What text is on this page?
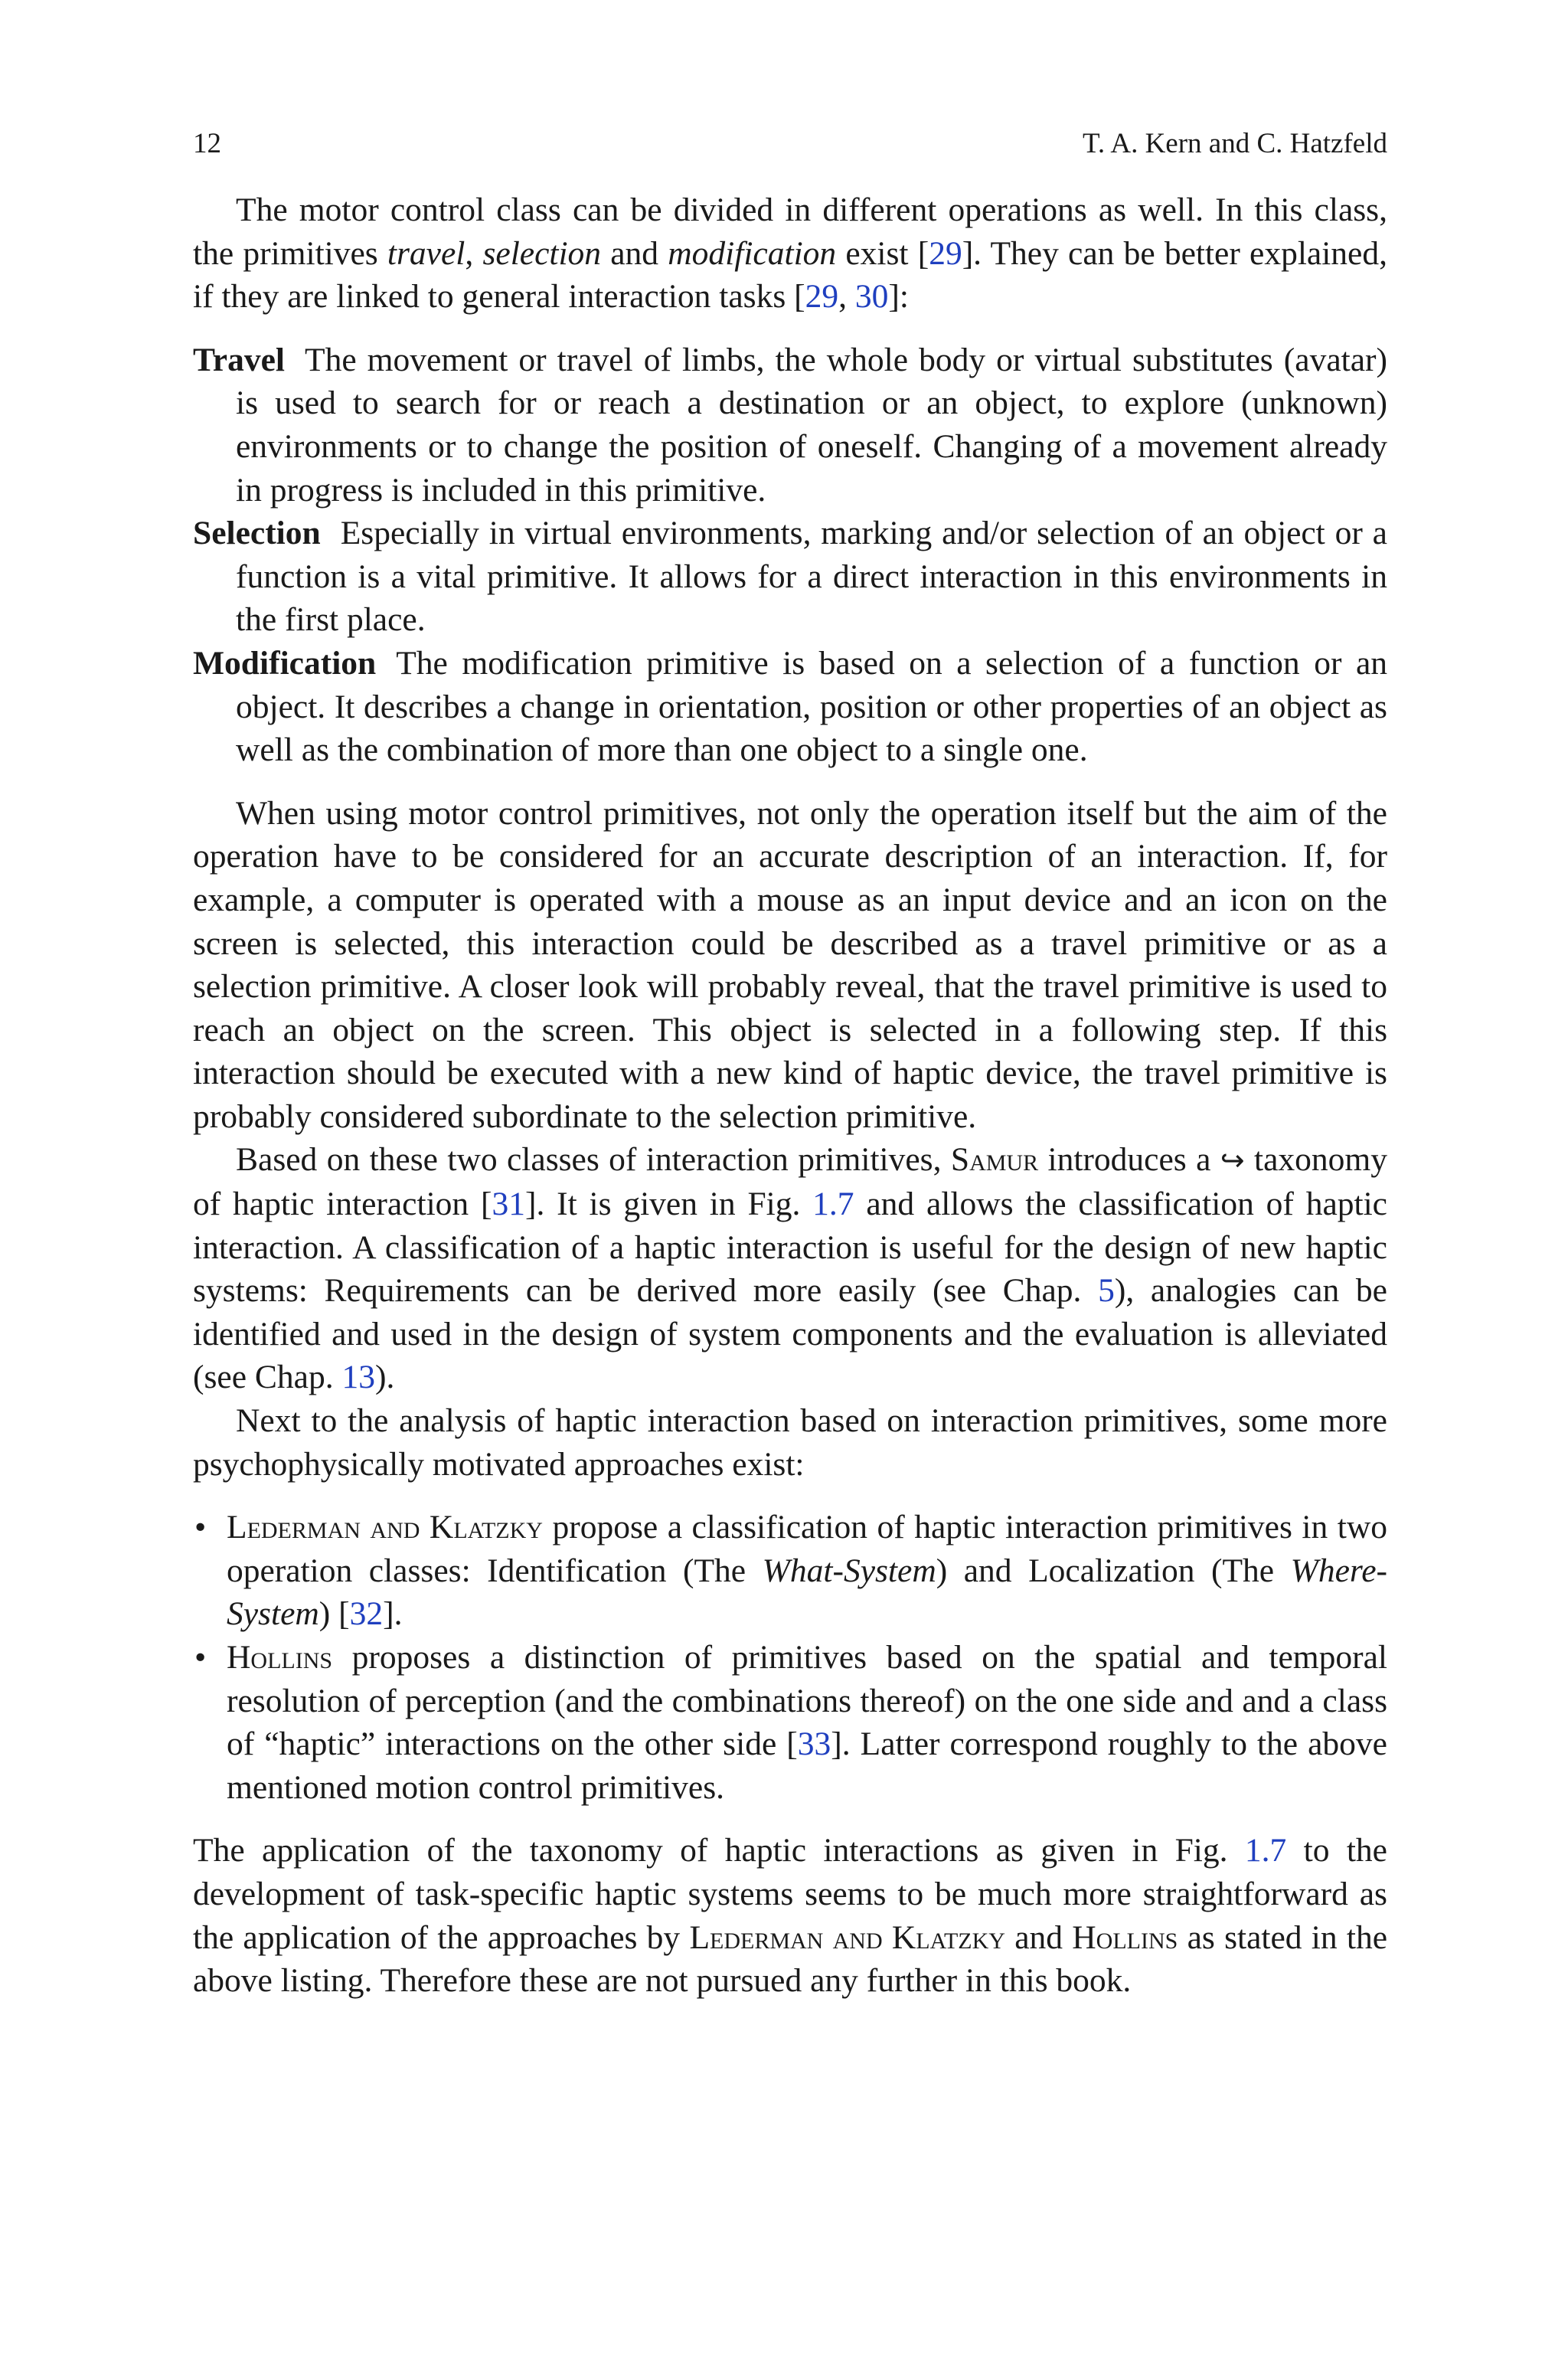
12	T. A. Kern and C. Hatzfeld

The motor control class can be divided in different operations as well. In this class, the primitives travel, selection and modification exist [29]. They can be better explained, if they are linked to general interaction tasks [29, 30]:

Travel The movement or travel of limbs, the whole body or virtual substitutes (avatar) is used to search for or reach a destination or an object, to explore (unknown) environments or to change the position of oneself. Changing of a movement already in progress is included in this primitive.

Selection Especially in virtual environments, marking and/or selection of an object or a function is a vital primitive. It allows for a direct interaction in this environments in the first place.

Modification The modification primitive is based on a selection of a function or an object. It describes a change in orientation, position or other properties of an object as well as the combination of more than one object to a single one.

When using motor control primitives, not only the operation itself but the aim of the operation have to be considered for an accurate description of an interaction. If, for example, a computer is operated with a mouse as an input device and an icon on the screen is selected, this interaction could be described as a travel primitive or as a selection primitive. A closer look will probably reveal, that the travel primitive is used to reach an object on the screen. This object is selected in a following step. If this interaction should be executed with a new kind of haptic device, the travel primitive is probably considered subordinate to the selection primitive.

Based on these two classes of interaction primitives, Samur introduces a ↪ taxonomy of haptic interaction [31]. It is given in Fig. 1.7 and allows the classification of haptic interaction. A classification of a haptic interaction is useful for the design of new haptic systems: Requirements can be derived more easily (see Chap. 5), analogies can be identified and used in the design of system components and the evaluation is alleviated (see Chap. 13).

Next to the analysis of haptic interaction based on interaction primitives, some more psychophysically motivated approaches exist:

• Lederman and Klatzky propose a classification of haptic interaction primitives in two operation classes: Identification (The What-System) and Localization (The Where-System) [32].
• Hollins proposes a distinction of primitives based on the spatial and temporal resolution of perception (and the combinations thereof) on the one side and and a class of “haptic” interactions on the other side [33]. Latter correspond roughly to the above mentioned motion control primitives.

The application of the taxonomy of haptic interactions as given in Fig. 1.7 to the development of task-specific haptic systems seems to be much more straightforward as the application of the approaches by Lederman and Klatzky and Hollins as stated in the above listing. Therefore these are not pursued any further in this book.
